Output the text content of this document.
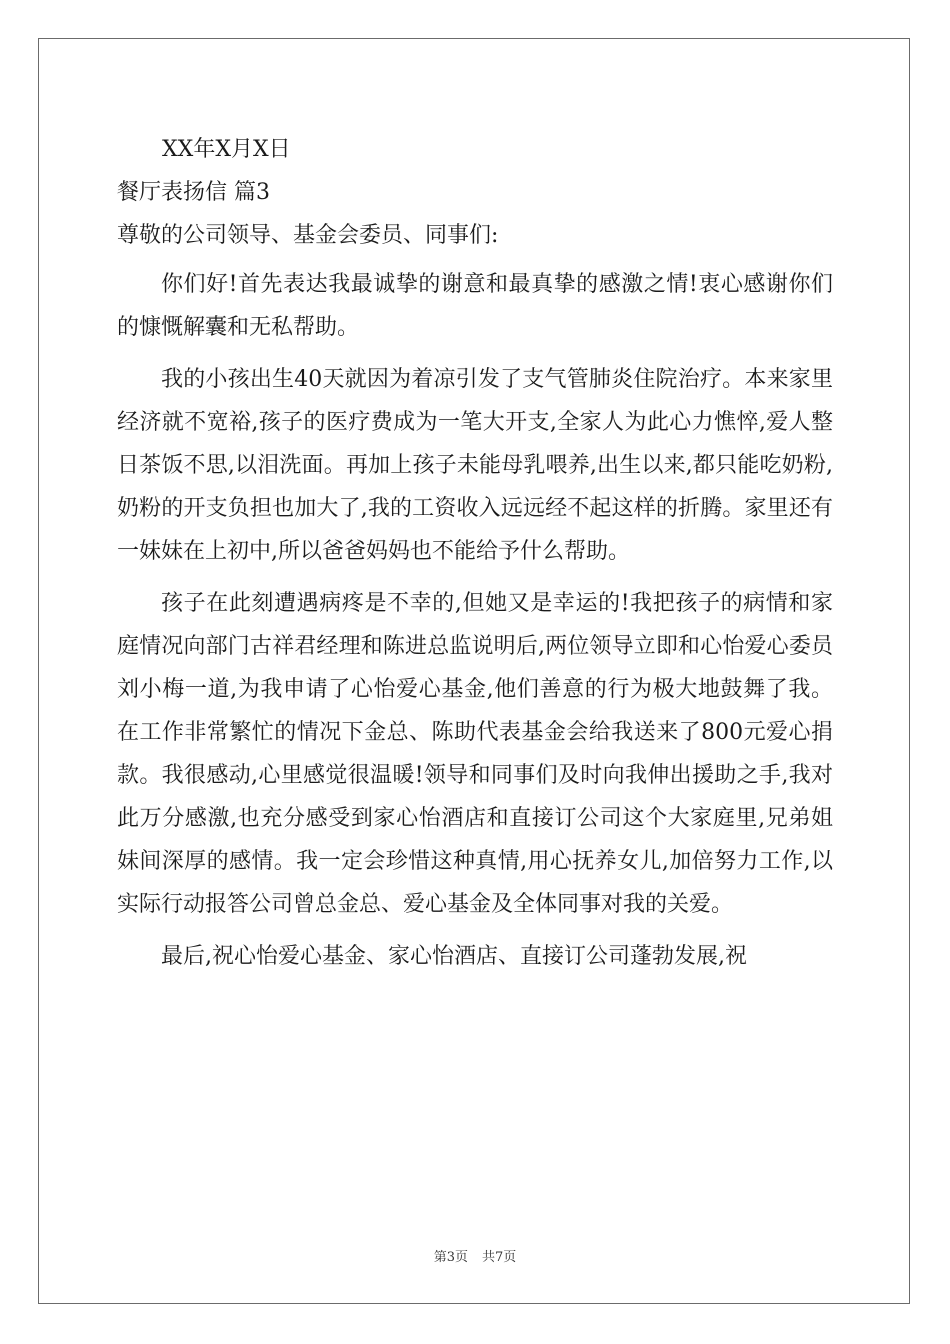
XX年X月X日

餐厅表扬信 篇3

尊敬的公司领导、基金会委员、同事们:

你们好!首先表达我最诚挚的谢意和最真挚的感激之情!衷心感谢你们的慷慨解囊和无私帮助。

我的小孩出生40天就因为着凉引发了支气管肺炎住院治疗。本来家里经济就不宽裕,孩子的医疗费成为一笔大开支,全家人为此心力憔悴,爱人整日茶饭不思,以泪洗面。再加上孩子未能母乳喂养,出生以来,都只能吃奶粉,奶粉的开支负担也加大了,我的工资收入远远经不起这样的折腾。家里还有一妹妹在上初中,所以爸爸妈妈也不能给予什么帮助。

孩子在此刻遭遇病疼是不幸的,但她又是幸运的!我把孩子的病情和家庭情况向部门古祥君经理和陈进总监说明后,两位领导立即和心怡爱心委员刘小梅一道,为我申请了心怡爱心基金,他们善意的行为极大地鼓舞了我。在工作非常繁忙的情况下金总、陈助代表基金会给我送来了800元爱心捐款。我很感动,心里感觉很温暖!领导和同事们及时向我伸出援助之手,我对此万分感激,也充分感受到家心怡酒店和直接订公司这个大家庭里,兄弟姐妹间深厚的感情。我一定会珍惜这种真情,用心抚养女儿,加倍努力工作,以实际行动报答公司曾总金总、爱心基金及全体同事对我的关爱。

最后,祝心怡爱心基金、家心怡酒店、直接订公司蓬勃发展,祝

第3页 共7页
